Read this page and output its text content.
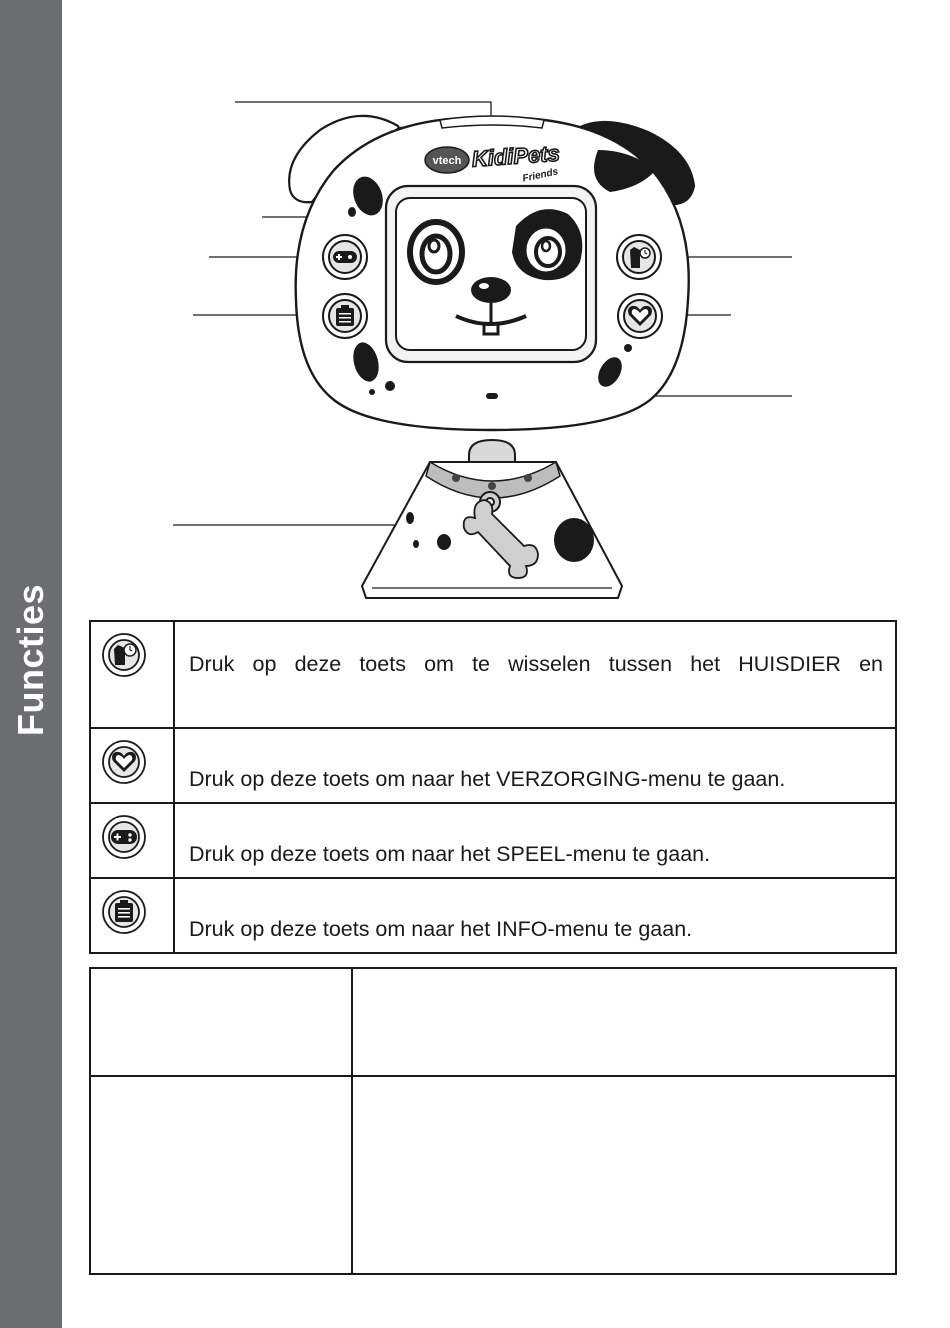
Functies
vtech KidiPets
Friends
	Druk op deze toets om te wisselen tussen het HUISDIER en

	Druk op deze toets om naar het VERZORGING-menu te gaan.

	Druk op deze toets om naar het SPEEL-menu te gaan.

	Druk op deze toets om naar het INFO-menu te gaan.
